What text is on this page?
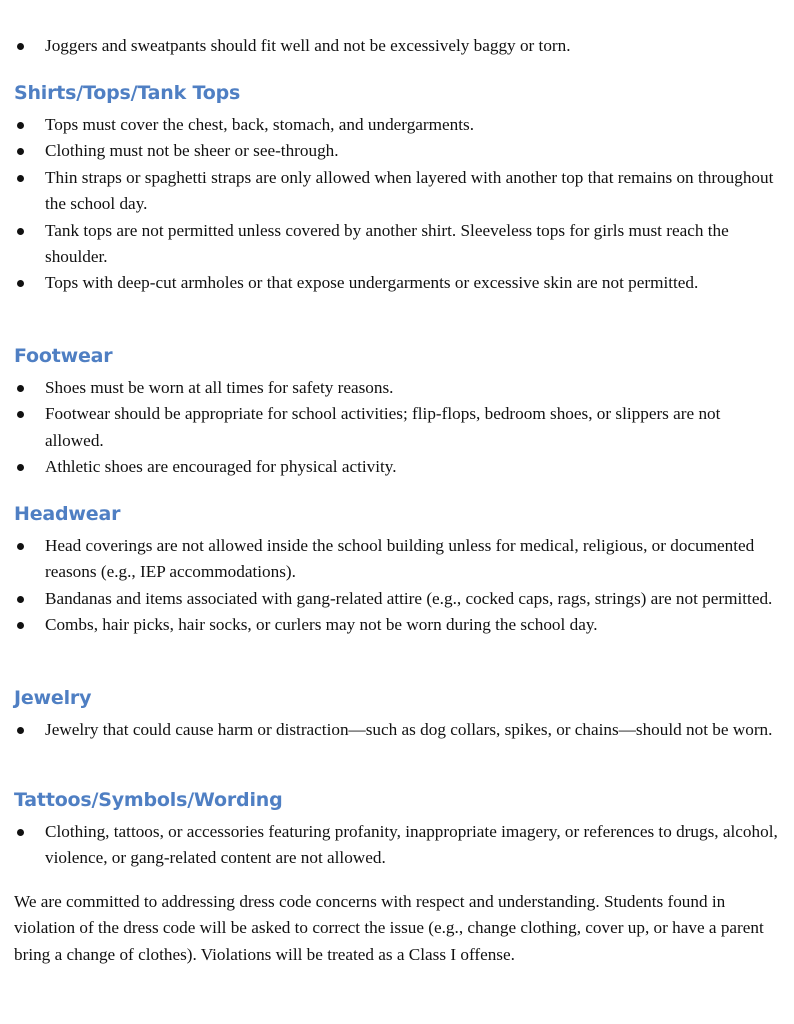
Joggers and sweatpants should fit well and not be excessively baggy or torn.
Shirts/Tops/Tank Tops
Tops must cover the chest, back, stomach, and undergarments.
Clothing must not be sheer or see-through.
Thin straps or spaghetti straps are only allowed when layered with another top that remains on throughout the school day.
Tank tops are not permitted unless covered by another shirt. Sleeveless tops for girls must reach the shoulder.
Tops with deep-cut armholes or that expose undergarments or excessive skin are not permitted.
Footwear
Shoes must be worn at all times for safety reasons.
Footwear should be appropriate for school activities; flip-flops, bedroom shoes, or slippers are not allowed.
Athletic shoes are encouraged for physical activity.
Headwear
Head coverings are not allowed inside the school building unless for medical, religious, or documented reasons (e.g., IEP accommodations).
Bandanas and items associated with gang-related attire (e.g., cocked caps, rags, strings) are not permitted.
Combs, hair picks, hair socks, or curlers may not be worn during the school day.
Jewelry
Jewelry that could cause harm or distraction—such as dog collars, spikes, or chains—should not be worn.
Tattoos/Symbols/Wording
Clothing, tattoos, or accessories featuring profanity, inappropriate imagery, or references to drugs, alcohol, violence, or gang-related content are not allowed.

We are committed to addressing dress code concerns with respect and understanding. Students found in violation of the dress code will be asked to correct the issue (e.g., change clothing, cover up, or have a parent bring a change of clothes). Violations will be treated as a Class I offense.
